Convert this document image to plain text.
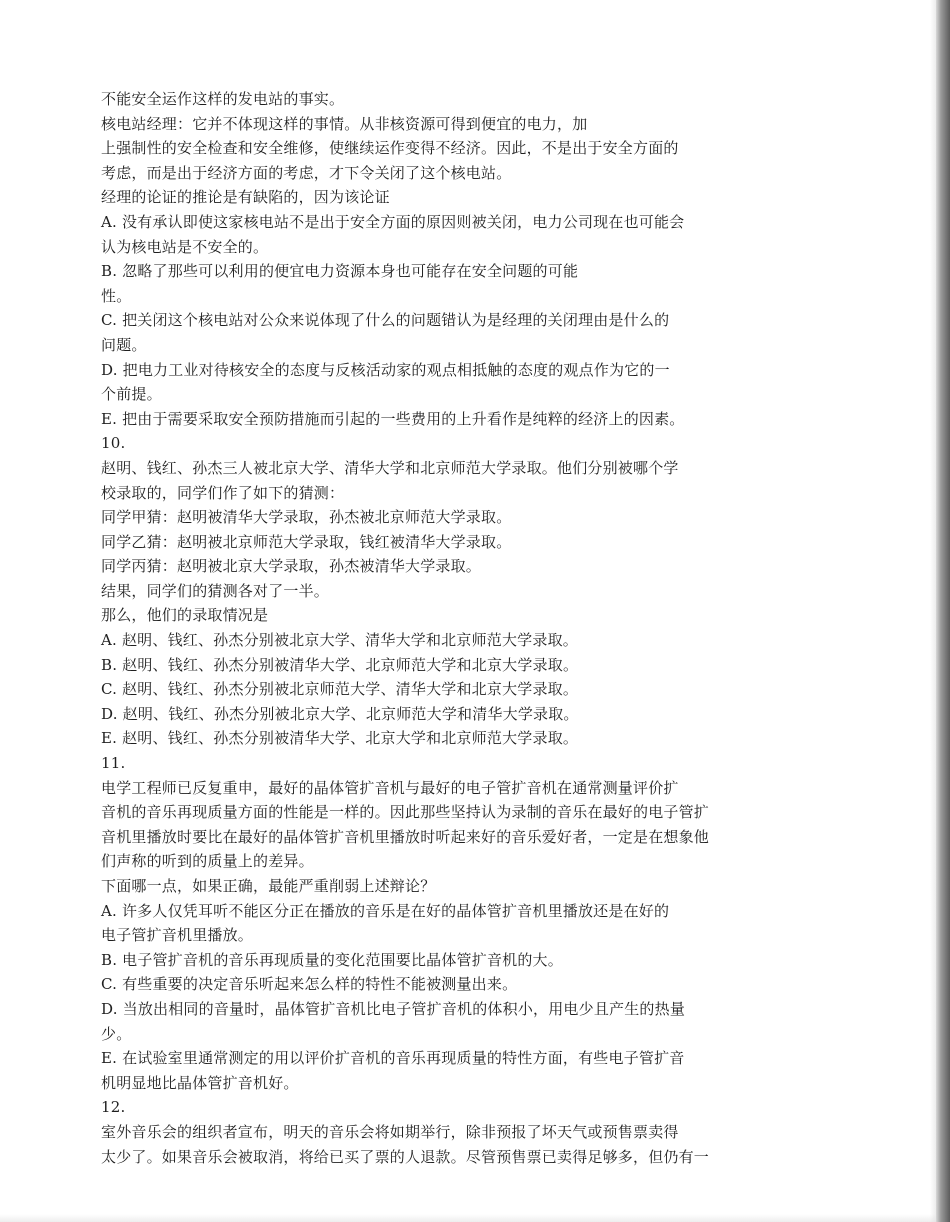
不能安全运作这样的发电站的事实。
核电站经理：它并不体现这样的事情。从非核资源可得到便宜的电力，加
上强制性的安全检查和安全维修，使继续运作变得不经济。因此，不是出于安全方面的
考虑，而是出于经济方面的考虑，才下令关闭了这个核电站。
经理的论证的推论是有缺陷的，因为该论证
A. 没有承认即使这家核电站不是出于安全方面的原因则被关闭，电力公司现在也可能会
认为核电站是不安全的。
B. 忽略了那些可以利用的便宜电力资源本身也可能存在安全问题的可能
性。
C. 把关闭这个核电站对公众来说体现了什么的问题错认为是经理的关闭理由是什么的
问题。
D. 把电力工业对待核安全的态度与反核活动家的观点相抵触的态度的观点作为它的一
个前提。
E. 把由于需要采取安全预防措施而引起的一些费用的上升看作是纯粹的经济上的因素。
10.
赵明、钱红、孙杰三人被北京大学、清华大学和北京师范大学录取。他们分别被哪个学
校录取的，同学们作了如下的猜测：
同学甲猜：赵明被清华大学录取，孙杰被北京师范大学录取。
同学乙猜：赵明被北京师范大学录取，钱红被清华大学录取。
同学丙猜：赵明被北京大学录取，孙杰被清华大学录取。
结果，同学们的猜测各对了一半。
那么，他们的录取情况是
A. 赵明、钱红、孙杰分别被北京大学、清华大学和北京师范大学录取。
B. 赵明、钱红、孙杰分别被清华大学、北京师范大学和北京大学录取。
C. 赵明、钱红、孙杰分别被北京师范大学、清华大学和北京大学录取。
D. 赵明、钱红、孙杰分别被北京大学、北京师范大学和清华大学录取。
E. 赵明、钱红、孙杰分别被清华大学、北京大学和北京师范大学录取。
11.
电学工程师已反复重申，最好的晶体管扩音机与最好的电子管扩音机在通常测量评价扩
音机的音乐再现质量方面的性能是一样的。因此那些坚持认为录制的音乐在最好的电子管扩
音机里播放时要比在最好的晶体管扩音机里播放时听起来好的音乐爱好者，一定是在想象他
们声称的听到的质量上的差异。
下面哪一点，如果正确，最能严重削弱上述辩论？
A. 许多人仅凭耳听不能区分正在播放的音乐是在好的晶体管扩音机里播放还是在好的
电子管扩音机里播放。
B. 电子管扩音机的音乐再现质量的变化范围要比晶体管扩音机的大。
C. 有些重要的决定音乐听起来怎么样的特性不能被测量出来。
D. 当放出相同的音量时，晶体管扩音机比电子管扩音机的体积小，用电少且产生的热量
少。
E. 在试验室里通常测定的用以评价扩音机的音乐再现质量的特性方面，有些电子管扩音
机明显地比晶体管扩音机好。
12.
室外音乐会的组织者宣布，明天的音乐会将如期举行，除非预报了坏天气或预售票卖得
太少了。如果音乐会被取消，将给已买了票的人退款。尽管预售票已卖得足够多，但仍有一
